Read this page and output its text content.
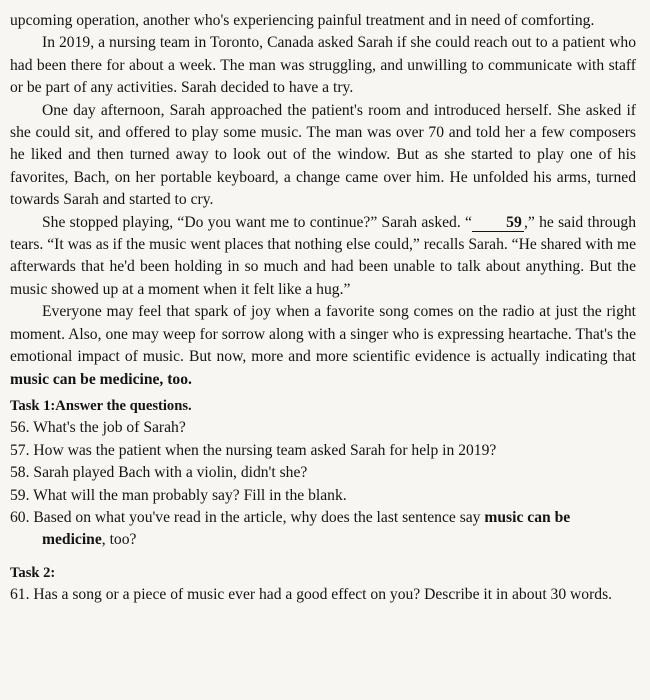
upcoming operation, another who's experiencing painful treatment and in need of comforting.

In 2019, a nursing team in Toronto, Canada asked Sarah if she could reach out to a patient who had been there for about a week. The man was struggling, and unwilling to communicate with staff or be part of any activities. Sarah decided to have a try.

One day afternoon, Sarah approached the patient's room and introduced herself. She asked if she could sit, and offered to play some music. The man was over 70 and told her a few composers he liked and then turned away to look out of the window. But as she started to play one of his favorites, Bach, on her portable keyboard, a change came over him. He unfolded his arms, turned towards Sarah and started to cry.

She stopped playing, “Do you want me to continue?” Sarah asked. “ 59 ,” he said through tears. “It was as if the music went places that nothing else could,” recalls Sarah. “He shared with me afterwards that he'd been holding in so much and had been unable to talk about anything. But the music showed up at a moment when it felt like a hug.”

Everyone may feel that spark of joy when a favorite song comes on the radio at just the right moment. Also, one may weep for sorrow along with a singer who is expressing heartache. That's the emotional impact of music. But now, more and more scientific evidence is actually indicating that music can be medicine, too.

Task 1:Answer the questions.

56. What's the job of Sarah?

57. How was the patient when the nursing team asked Sarah for help in 2019?

58. Sarah played Bach with a violin, didn't she?

59. What will the man probably say? Fill in the blank.

60. Based on what you've read in the article, why does the last sentence say music can be medicine, too?

Task 2:

61. Has a song or a piece of music ever had a good effect on you? Describe it in about 30 words.
